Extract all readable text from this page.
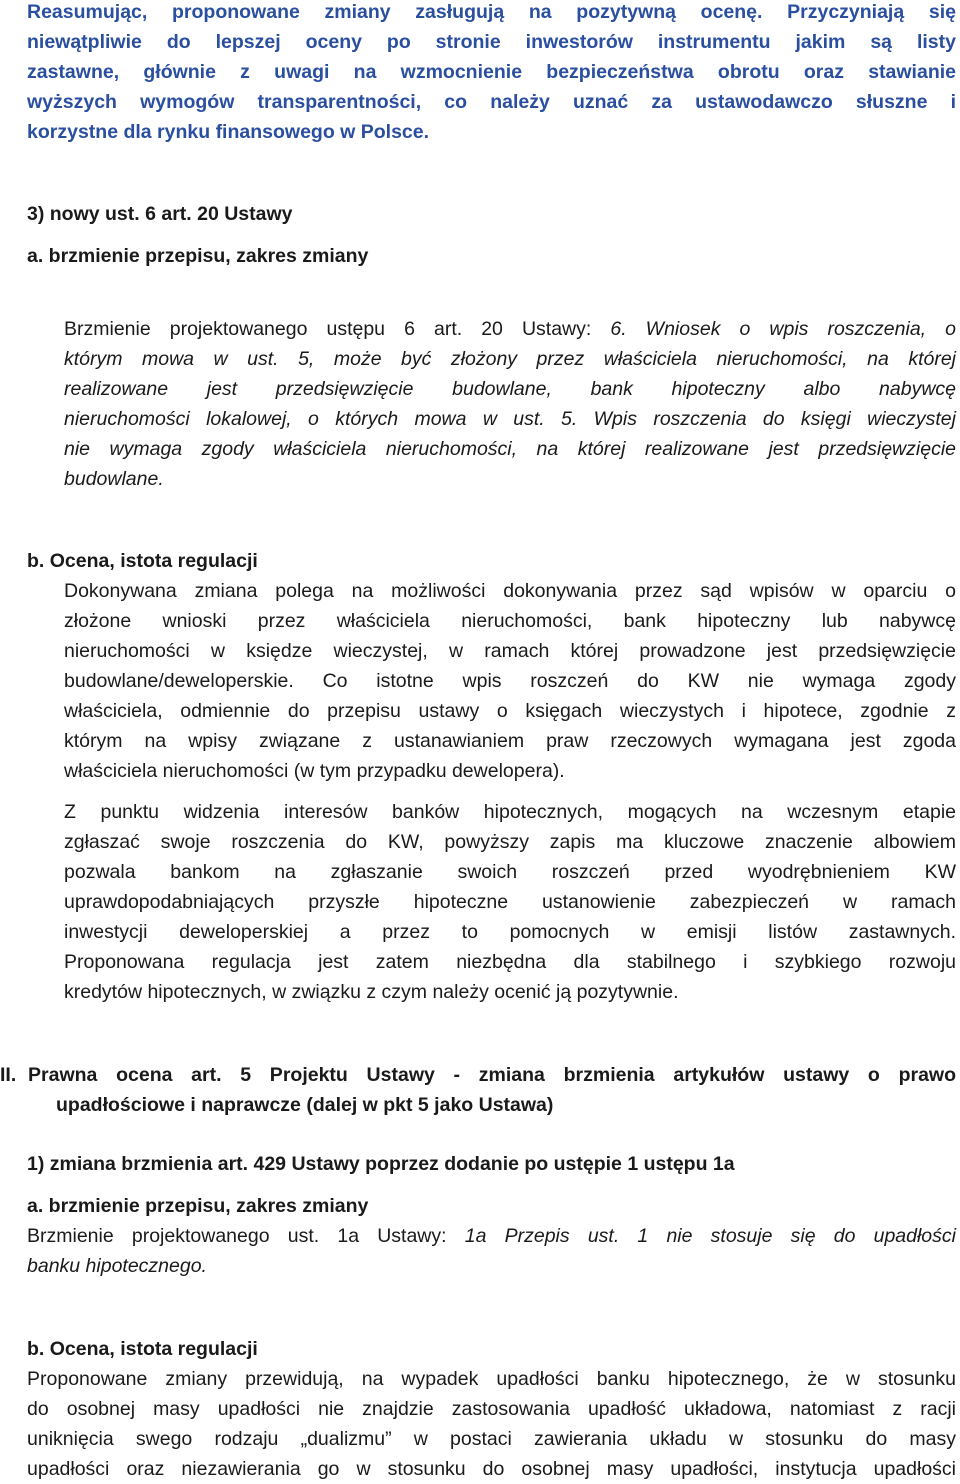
Reasumując, proponowane zmiany zasługują na pozytywną ocenę. Przyczyniają się
niewątpliwie do lepszej oceny po stronie inwestorów instrumentu jakim są listy
zastawne, głównie z uwagi na wzmocnienie bezpieczeństwa obrotu oraz stawianie
wyższych wymogów transparentności, co należy uznać za ustawodawczo słuszne i
korzystne dla rynku finansowego w Polsce.
3) nowy ust. 6 art. 20 Ustawy
a. brzmienie przepisu, zakres zmiany
Brzmienie projektowanego ustępu 6 art. 20 Ustawy: 6. Wniosek o wpis roszczenia, o
którym mowa w ust. 5, może być złożony przez właściciela nieruchomości, na której
realizowane jest przedsięwzięcie budowlane, bank hipoteczny albo nabywcę
nieruchomości lokalowej, o których mowa w ust. 5. Wpis roszczenia do księgi wieczystej
nie wymaga zgody właściciela nieruchomości, na której realizowane jest przedsięwzięcie
budowlane.
b. Ocena, istota regulacji
Dokonywana zmiana polega na możliwości dokonywania przez sąd wpisów w oparciu o
złożone wnioski przez właściciela nieruchomości, bank hipoteczny lub nabywcę
nieruchomości w księdze wieczystej, w ramach której prowadzone jest przedsięwzięcie
budowlane/deweloperskie. Co istotne wpis roszczeń do KW nie wymaga zgody
właściciela, odmiennie do przepisu ustawy o księgach wieczystych i hipotece, zgodnie z
którym na wpisy związane z ustanawianiem praw rzeczowych wymagana jest zgoda
właściciela nieruchomości (w tym przypadku dewelopera).
Z punktu widzenia interesów banków hipotecznych, mogących na wczesnym etapie
zgłaszać swoje roszczenia do KW, powyższy zapis ma kluczowe znaczenie albowiem
pozwala bankom na zgłaszanie swoich roszczeń przed wyodrębnieniem KW
uprawdopodabniających przyszłe hipoteczne ustanowienie zabezpieczeń w ramach
inwestycji deweloperskiej a przez to pomocnych w emisji listów zastawnych.
Proponowana regulacja jest zatem niezbędna dla stabilnego i szybkiego rozwoju
kredytów hipotecznych, w związku z czym należy ocenić ją pozytywnie.
II. Prawna ocena art. 5 Projektu Ustawy - zmiana brzmienia artykułów ustawy o prawo
upadłościowe i naprawcze (dalej w pkt 5 jako Ustawa)
1) zmiana brzmienia art. 429 Ustawy poprzez dodanie po ustępie 1 ustępu 1a
a. brzmienie przepisu, zakres zmiany
Brzmienie projektowanego ust. 1a Ustawy: 1a Przepis ust. 1 nie stosuje się do upadłości
banku hipotecznego.
b. Ocena, istota regulacji
Proponowane zmiany przewidują, na wypadek upadłości banku hipotecznego, że w stosunku
do osobnej masy upadłości nie znajdzie zastosowania upadłość układowa, natomiast z racji
uniknięcia swego rodzaju „dualizmu” w postaci zawierania układu w stosunku do masy
upadłości oraz niezawierania go w stosunku do osobnej masy upadłości, instytucja upadłości
